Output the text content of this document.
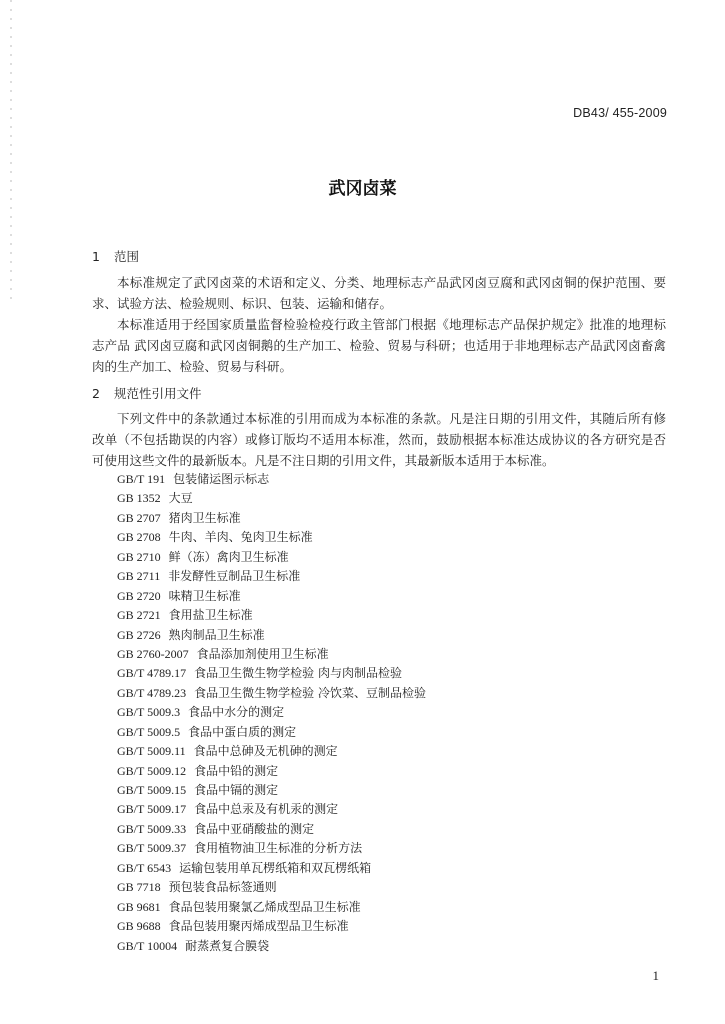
DB43/ 455-2009
武冈卤菜
1 范围

本标准规定了武冈卤菜的术语和定义、分类、地理标志产品武冈卤豆腐和武冈卤铜的保护范围、要求、试验方法、检验规则、标识、包装、运输和储存。

本标准适用于经国家质量监督检验检疫行政主管部门根据《地理标志产品保护规定》批准的地理标志产品 武冈卤豆腐和武冈卤铜鹅的生产加工、检验、贸易与科研；也适用于非地理标志产品武冈卤畜禽肉的生产加工、检验、贸易与科研。

2 规范性引用文件

下列文件中的条款通过本标准的引用而成为本标准的条款。凡是注日期的引用文件，其随后所有修改单（不包括勘误的内容）或修订版均不适用本标准，然而，鼓励根据本标准达成协议的各方研究是否可使用这些文件的最新版本。凡是不注日期的引用文件，其最新版本适用于本标准。

GB/T 191 包装储运图示标志
GB 1352 大豆
GB 2707 猪肉卫生标准
GB 2708 牛肉、羊肉、兔肉卫生标准
GB 2710 鲜（冻）禽肉卫生标准
GB 2711 非发酵性豆制品卫生标准
GB 2720 味精卫生标准
GB 2721 食用盐卫生标准
GB 2726 熟肉制品卫生标准
GB 2760-2007 食品添加剂使用卫生标准
GB/T 4789.17 食品卫生微生物学检验 肉与肉制品检验
GB/T 4789.23 食品卫生微生物学检验 冷饮菜、豆制品检验
GB/T 5009.3 食品中水分的测定
GB/T 5009.5 食品中蛋白质的测定
GB/T 5009.11 食品中总砷及无机砷的测定
GB/T 5009.12 食品中铅的测定
GB/T 5009.15 食品中镉的测定
GB/T 5009.17 食品中总汞及有机汞的测定
GB/T 5009.33 食品中亚硝酸盐的测定
GB/T 5009.37 食用植物油卫生标准的分析方法
GB/T 6543 运输包装用单瓦楞纸箱和双瓦楞纸箱
GB 7718 预包装食品标签通则
GB 9681 食品包装用聚氯乙烯成型品卫生标准
GB 9688 食品包装用聚丙烯成型品卫生标准
GB/T 10004 耐蒸煮复合膜袋
1
